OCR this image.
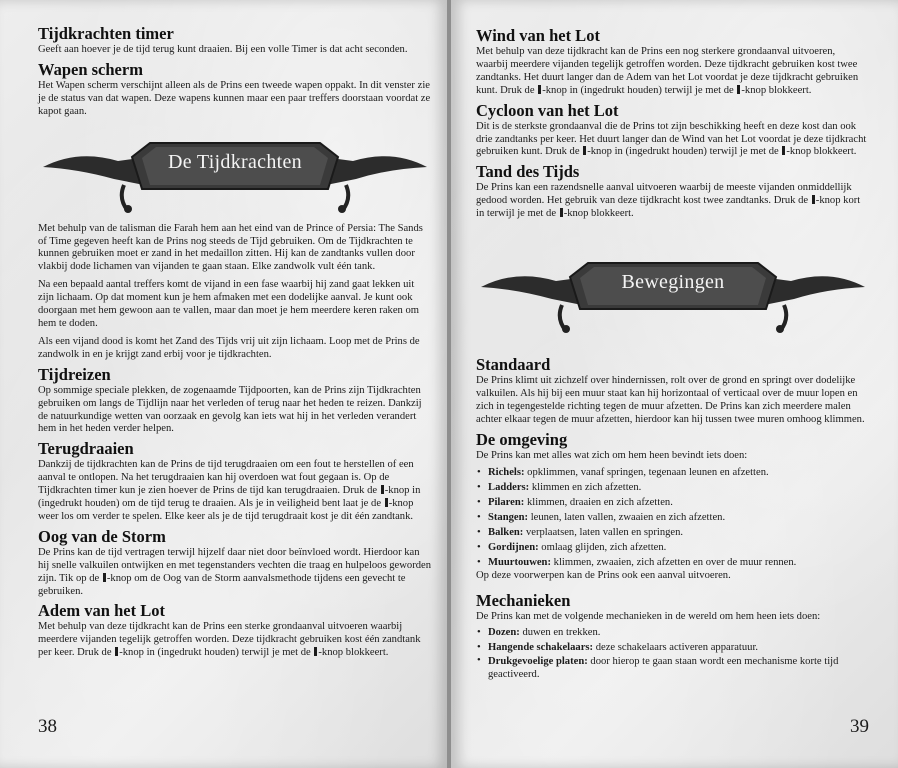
Tijdkrachten timer

Geeft aan hoever je de tijd terug kunt draaien. Bij een volle Timer is dat acht seconden.

Wapen scherm

Het Wapen scherm verschijnt alleen als de Prins een tweede wapen oppakt. In dit venster zie je de status van dat wapen. Deze wapens kunnen maar een paar treffers doorstaan voordat ze kapot gaan.

De Tijdkrachten

Met behulp van de talisman die Farah hem aan het eind van de Prince of Persia: The Sands of Time gegeven heeft kan de Prins nog steeds de Tijd gebruiken. Om de Tijdkrachten te kunnen gebruiken moet er zand in het medaillon zitten. Hij kan de zandtanks vullen door vlakbij dode lichamen van vijanden te gaan staan. Elke zandwolk vult één tank.

Na een bepaald aantal treffers komt de vijand in een fase waarbij hij zand gaat lekken uit zijn lichaam. Op dat moment kun je hem afmaken met een dodelijke aanval. Je kunt ook doorgaan met hem gewoon aan te vallen, maar dan moet je hem meerdere keren raken om hem te doden.

Als een vijand dood is komt het Zand des Tijds vrij uit zijn lichaam. Loop met de Prins de zandwolk in en je krijgt zand erbij voor je tijdkrachten.

Tijdreizen

Op sommige speciale plekken, de zogenaamde Tijdpoorten, kan de Prins zijn Tijdkrachten gebruiken om langs de Tijdlijn naar het verleden of terug naar het heden te reizen. Dankzij de natuurkundige wetten van oorzaak en gevolg kan iets wat hij in het verleden verandert hem in het heden verder helpen.

Terugdraaien

Dankzij de tijdkrachten kan de Prins de tijd terugdraaien om een fout te herstellen of een aanval te ontlopen. Na het terugdraaien kan hij overdoen wat fout gegaan is. Op de Tijdkrachten timer kun je zien hoever de Prins de tijd kan terugdraaien. Druk de -knop in (ingedrukt houden) om de tijd terug te draaien. Als je in veiligheid bent laat je de -knop weer los om verder te spelen. Elke keer als je de tijd terugdraait kost je dit één zandtank.

Oog van de Storm

De Prins kan de tijd vertragen terwijl hijzelf daar niet door beïnvloed wordt. Hierdoor kan hij snelle valkuilen ontwijken en met tegenstanders vechten die traag en hulpeloos geworden zijn. Tik op de -knop om de Oog van de Storm aanvalsmethode tijdens een gevecht te gebruiken.

Adem van het Lot

Met behulp van deze tijdkracht kan de Prins een sterke grondaanval uitvoeren waarbij meerdere vijanden tegelijk getroffen worden. Deze tijdkracht gebruiken kost één zandtank per keer. Druk de -knop in (ingedrukt houden) terwijl je met de -knop blokkeert.

38
Wind van het Lot

Met behulp van deze tijdkracht kan de Prins een nog sterkere grondaanval uitvoeren, waarbij meerdere vijanden tegelijk getroffen worden. Deze tijdkracht gebruiken kost twee zandtanks. Het duurt langer dan de Adem van het Lot voordat je deze tijdkracht gebruiken kunt. Druk de -knop in (ingedrukt houden) terwijl je met de -knop blokkeert.

Cycloon van het Lot

Dit is de sterkste grondaanval die de Prins tot zijn beschikking heeft en deze kost dan ook drie zandtanks per keer. Het duurt langer dan de Wind van het Lot voordat je deze tijdkracht gebruiken kunt. Druk de -knop in (ingedrukt houden) terwijl je met de -knop blokkeert.

Tand des Tijds

De Prins kan een razendsnelle aanval uitvoeren waarbij de meeste vijanden onmiddellijk gedood worden. Het gebruik van deze tijdkracht kost twee zandtanks. Druk de -knop kort in terwijl je met de -knop blokkeert.

Bewegingen
Standaard

De Prins klimt uit zichzelf over hindernissen, rolt over de grond en springt over dodelijke valkuilen. Als hij bij een muur staat kan hij horizontaal of verticaal over de muur lopen en zich in tegengestelde richting tegen de muur afzetten. De Prins kan zich meerdere malen achter elkaar tegen de muur afzetten, hierdoor kan hij tussen twee muren omhoog klimmen.

De omgeving

De Prins kan met alles wat zich om hem heen bevindt iets doen:

• Richels: opklimmen, vanaf springen, tegenaan leunen en afzetten.
• Ladders: klimmen en zich afzetten.
• Pilaren: klimmen, draaien en zich afzetten.
• Stangen: leunen, laten vallen, zwaaien en zich afzetten.
• Balken: verplaatsen, laten vallen en springen.
• Gordijnen: omlaag glijden, zich afzetten.
• Muurtouwen: klimmen, zwaaien, zich afzetten en over de muur rennen.

Op deze voorwerpen kan de Prins ook een aanval uitvoeren.

Mechanieken

De Prins kan met de volgende mechanieken in de wereld om hem heen iets doen:

• Dozen: duwen en trekken.
• Hangende schakelaars: deze schakelaars activeren apparatuur.
• Drukgevoelige platen: door hierop te gaan staan wordt een mechanisme korte tijd geactiveerd.
39
